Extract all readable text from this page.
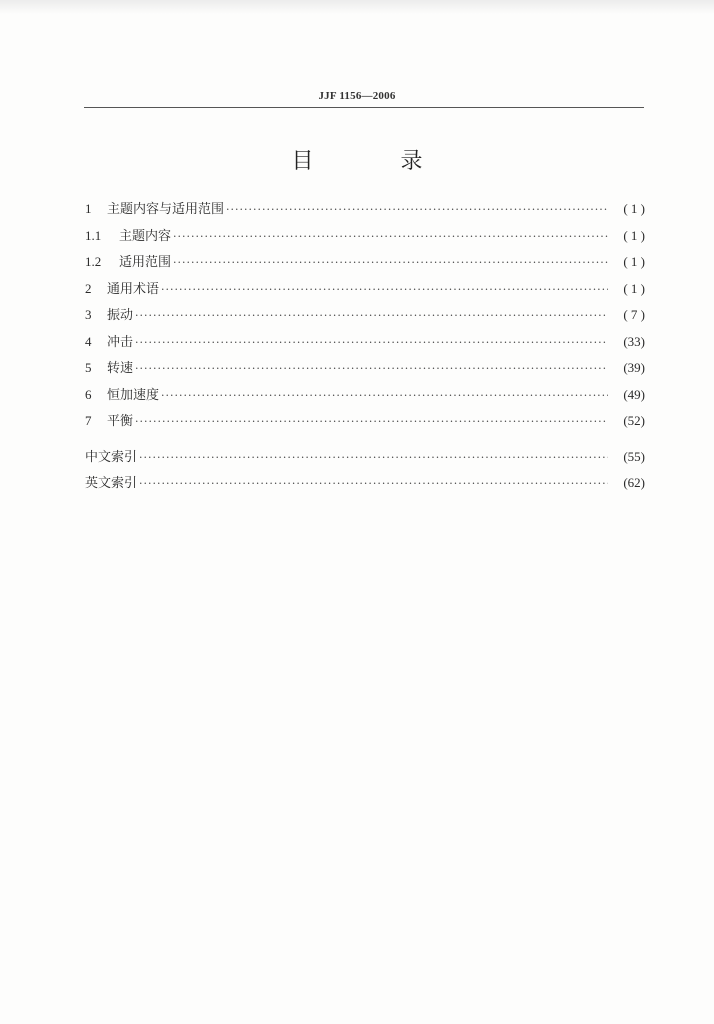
JJF 1156—2006
目 录
1	主题内容与适用范围 ·····	( 1 )
1.1	主题内容 ·····	( 1 )
1.2	适用范围 ·····	( 1 )
2	通用术语 ·····	( 1 )
3	振动 ·····	( 7 )
4	冲击 ·····	(33)
5	转速 ·····	(39)
6	恒加速度 ·····	(49)
7	平衡 ·····	(52)
中文索引 ·····	(55)
英文索引 ·····	(62)
